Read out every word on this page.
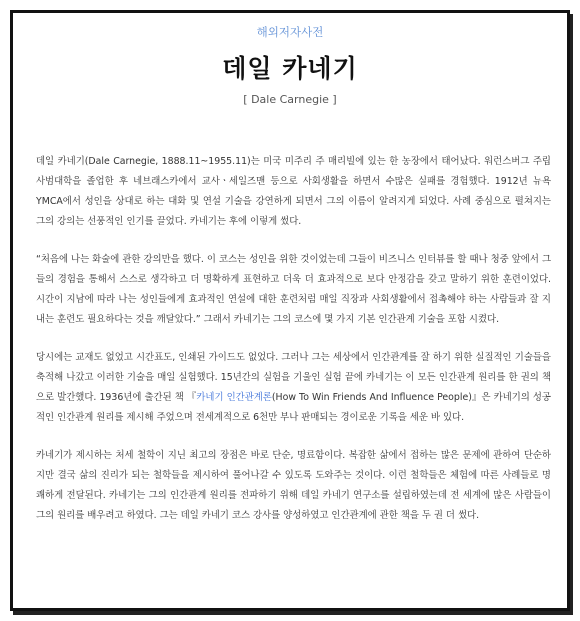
해외저자사전
데일 카네기
[ Dale Carnegie ]

데일 카네기(Dale Carnegie, 1888.11~1955.11)는 미국 미주리 주 매리빌에 있는 한 농장에서 태어났다. 워런스버그 주립 사범대학을 졸업한 후 네브래스카에서 교사ㆍ세일즈맨 등으로 사회생활을 하면서 수많은 실패를 경험했다. 1912년 뉴욕 YMCA에서 성인을 상대로 하는 대화 및 연설 기술을 강연하게 되면서 그의 이름이 알려지게 되었다. 사례 중심으로 펼쳐지는 그의 강의는 선풍적인 인기를 끌었다. 카네기는 후에 이렇게 썼다.

“처음에 나는 화술에 관한 강의만을 했다. 이 코스는 성인을 위한 것이었는데 그들이 비즈니스 인터뷰를 할 때나 청중 앞에서 그들의 경험을 통해서 스스로 생각하고 더 명확하게 표현하고 더욱 더 효과적으로 보다 안정감을 갖고 말하기 위한 훈련이었다. 시간이 지남에 따라 나는 성인들에게 효과적인 연설에 대한 훈련처럼 매일 직장과 사회생활에서 접촉해야 하는 사람들과 잘 지내는 훈련도 필요하다는 것을 깨달았다.” 그래서 카네기는 그의 코스에 몇 가지 기본 인간관계 기술을 포함 시켰다.

당시에는 교재도 없었고 시간표도, 인쇄된 가이드도 없었다. 그러나 그는 세상에서 인간관계를 잘 하기 위한 실질적인 기술들을 축적해 나갔고 이러한 기술을 매일 실험했다. 15년간의 실험을 기울인 실험 끝에 카네기는 이 모든 인간관계 원리를 한 권의 책으로 발간했다. 1936년에 출간된 책 『카네기 인간관계론(How To Win Friends And Influence People)』은 카네기의 성공적인 인간관계 원리를 제시해 주었으며 전세계적으로 6천만 부나 판매되는 경이로운 기록을 세운 바 있다.

카네기가 제시하는 처세 철학이 지닌 최고의 장점은 바로 단순, 명료함이다. 복잡한 삶에서 접하는 많은 문제에 관하여 단순하지만 결국 삶의 진리가 되는 철학들을 제시하여 풀어나갈 수 있도록 도와주는 것이다. 이런 철학들은 체험에 따른 사례들로 명쾌하게 전달된다. 카네기는 그의 인간관계 원리를 전파하기 위해 데일 카네기 연구소를 설립하였는데 전 세계에 많은 사람들이 그의 원리를 배우려고 하였다. 그는 데일 카네기 코스 강사를 양성하였고 인간관계에 관한 책을 두 권 더 썼다.
